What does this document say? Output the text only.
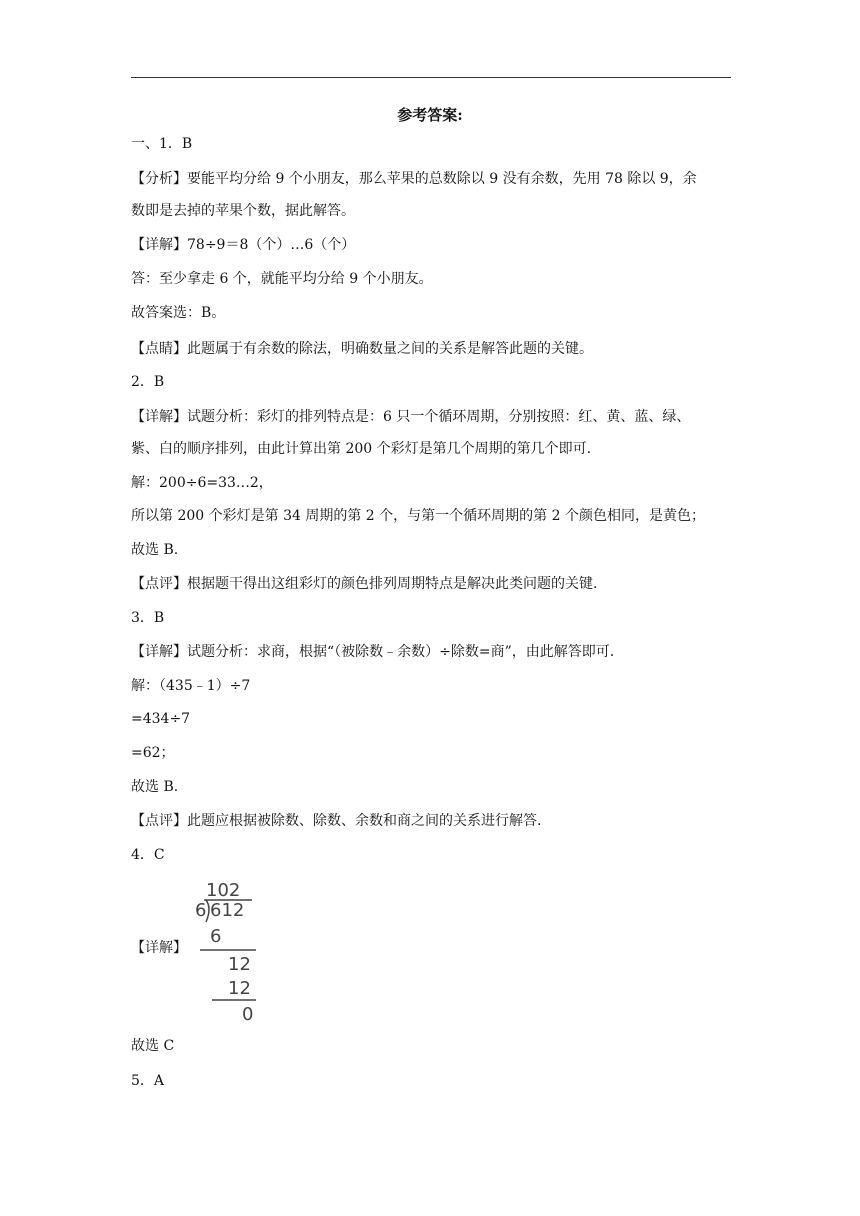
参考答案:
一、1．B
【分析】要能平均分给 9 个小朋友，那么苹果的总数除以 9 没有余数，先用 78 除以 9，余
数即是去掉的苹果个数，据此解答。
【详解】78÷9＝8（个）…6（个）
答：至少拿走 6 个，就能平均分给 9 个小朋友。
故答案选：B。
【点睛】此题属于有余数的除法，明确数量之间的关系是解答此题的关键。
2．B
【详解】试题分析：彩灯的排列特点是：6 只一个循环周期，分别按照：红、黄、蓝、绿、
紫、白的顺序排列，由此计算出第 200 个彩灯是第几个周期的第几个即可.
解：200÷6=33…2，
所以第 200 个彩灯是第 34 周期的第 2 个，与第一个循环周期的第 2 个颜色相同，是黄色；
故选 B.
【点评】根据题干得出这组彩灯的颜色排列周期特点是解决此类问题的关键.
3．B
【详解】试题分析：求商，根据“（被除数﹣余数）÷除数=商”，由此解答即可.
解：（435﹣1）÷7
=434÷7
=62；
故选 B.
【点评】此题应根据被除数、除数、余数和商之间的关系进行解答.
4．C
【详解】
102
6 612
6
12
12
0
故选 C
5．A
